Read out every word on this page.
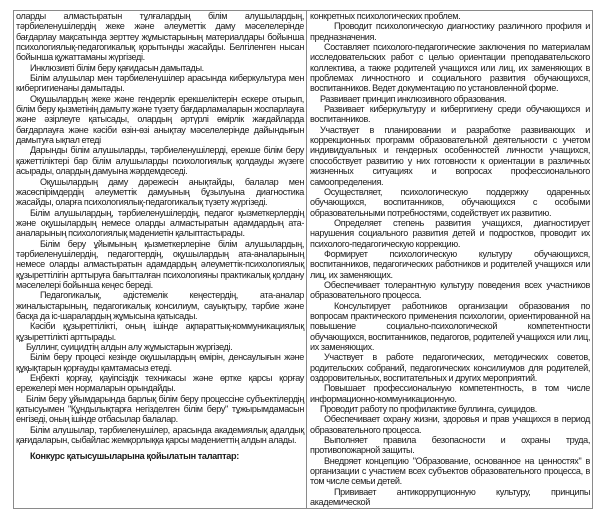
оларды алмастыратын тұлғалардың білім алушылардың, тәрбиеленушілердің жеке және әлеуметтік даму мәселелерінде бағдарлау мақсатында зерттеу жұмыстарының материалдары бойынша психологиялық-педагогикалық қорытынды жасайды. Белгіленген нысан бойынша құжаттаманы жүргізеді.

Инклюзивті білім беру қағидасын дамытады.

Білім алушылар мен тәрбиеленушілер арасында киберкультура мен кибергигиенаны дамытады.

Оқушылардың жеке және гендерлік ерекшеліктерін ескере отырып, білім беру қызметінің дамыту және түзету бағдарламаларын жоспарлауға және әзірлеуге қатысады, олардың әртүрлі өмірлік жағдайларда бағдарлауға және кәсіби өзін-өзі анықтау мәселелерінде дайындығын дамытуға ықпал етеді

Дарынды білім алушыларды, тәрбиеленушілерді, ерекше білім беру қажеттіліктері бар білім алушыларды психологиялық қолдауды жүзеге асырады, олардың дамуына жәрдемдеседі.

Оқушылардың даму дәрежесін анықтайды, балалар мен жасөспірімдердің әлеуметтік дамуының бұзылуына диагностика жасайды, оларға психологиялық-педагогикалық түзету жүргізеді.

Білім алушылардың, тәрбиеленушілердің, педагог қызметкерлердің және оқушылардың немесе оларды алмастыратын адамдардың ата-аналарының психологиялық мәдениетін қалыптастырады.

Білім беру ұйымының қызметкерлеріне білім алушылардың, тәрбиеленушілердің, педагогтердің, оқушылардың ата-аналарының немесе оларды алмастыратын адамдардың әлеуметтік-психологиялық құзыреттілігін арттыруға бағытталған психологияны практикалық қолдану мәселелері бойынша кеңес береді.

Педагогикалық, әдістемелік кеңестердің, ата-аналар жиналыстарының, педагогикалық консилиум, сауықтыру, тәрбие және басқа да іс-шаралардың жұмысына қатысады.

Кәсіби құзыреттілікті, оның ішінде ақпараттық-коммуникациялық құзыреттілікті арттырады.

Буллинг, суицидтің алдын алу жұмыстарын жүргізеді.

Білім беру процесі кезінде оқушылардың өмірін, денсаулығын және құқықтарын қорғауды қамтамасыз етеді.

Еңбекті қорғау, қауіпсіздік техникасы және өртке қарсы қорғау ережелері мен нормаларын орындайды.

Білім беру ұйымдарында барлық білім беру процессіне субъектілердің қатысуымен "Құндылықтарға негізделген білім беру" тұжырымдамасын енгізеді, оның ішінде отбасылар балалар.

Білім алушылар, тәрбиеленушілер, арасында академиялық адалдық қағидаларын, сыбайлас жемқорлыққа қарсы мәдениеттің алдын алады.

Конкурс қатысушыларына қойылатын талаптар:

конкретных психологических проблем.

Проводит психологическую диагностику различного профиля и предназначения.

Составляет психолого-педагогические заключения по материалам исследовательских работ с целью ориентации преподавательского коллектива, а также родителей учащихся или лиц, их заменяющих в проблемах личностного и социального развития обучающихся, воспитанников. Ведет документацию по установленной форме.

Развивает принцип инклюзивного образования.

Развивает киберкультуру и кибергигиену среди обучающихся и воспитанников.

Участвует в планировании и разработке развивающих и коррекционных программ образовательной деятельности с учетом индивидуальных и гендерных особенностей личности учащихся, способствует развитию у них готовности к ориентации в различных жизненных ситуациях и вопросах профессионального самоопределения.

Осуществляет, психологическую поддержку одаренных обучающихся, воспитанников, обучающихся с особыми образовательными потребностями, содействует их развитию.

Определяет степень развития учащихся, диагностирует нарушения социального развития детей и подростков, проводит их психолого-педагогическую коррекцию.

Формирует психологическую культуру обучающихся, воспитанников, педагогических работников и родителей учащихся или лиц, их заменяющих.

Обеспечивает толерантную культуру поведения всех участников образовательного процесса.

Консультирует работников организации образования по вопросам практического применения психологии, ориентированной на повышение социально-психологической компетентности обучающихся, воспитанников, педагогов, родителей учащихся или лиц, их заменяющих.

Участвует в работе педагогических, методических советов, родительских собраний, педагогических консилиумов для родителей, оздоровительных, воспитательных и других мероприятий.

Повышает профессиональную компетентность, в том числе информационно-коммуникационную.

Проводит работу по профилактике буллинга, суицидов.

Обеспечивает охрану жизни, здоровья и прав учащихся в период образовательного процесса.

Выполняет правила безопасности и охраны труда, противопожарной защиты.

Внедряет концепцию "Образование, основанное на ценностях" в организации с участием всех субъектов образовательного процесса, в том числе семьи детей.

Прививает антикоррупционную культуру, принципы академической
